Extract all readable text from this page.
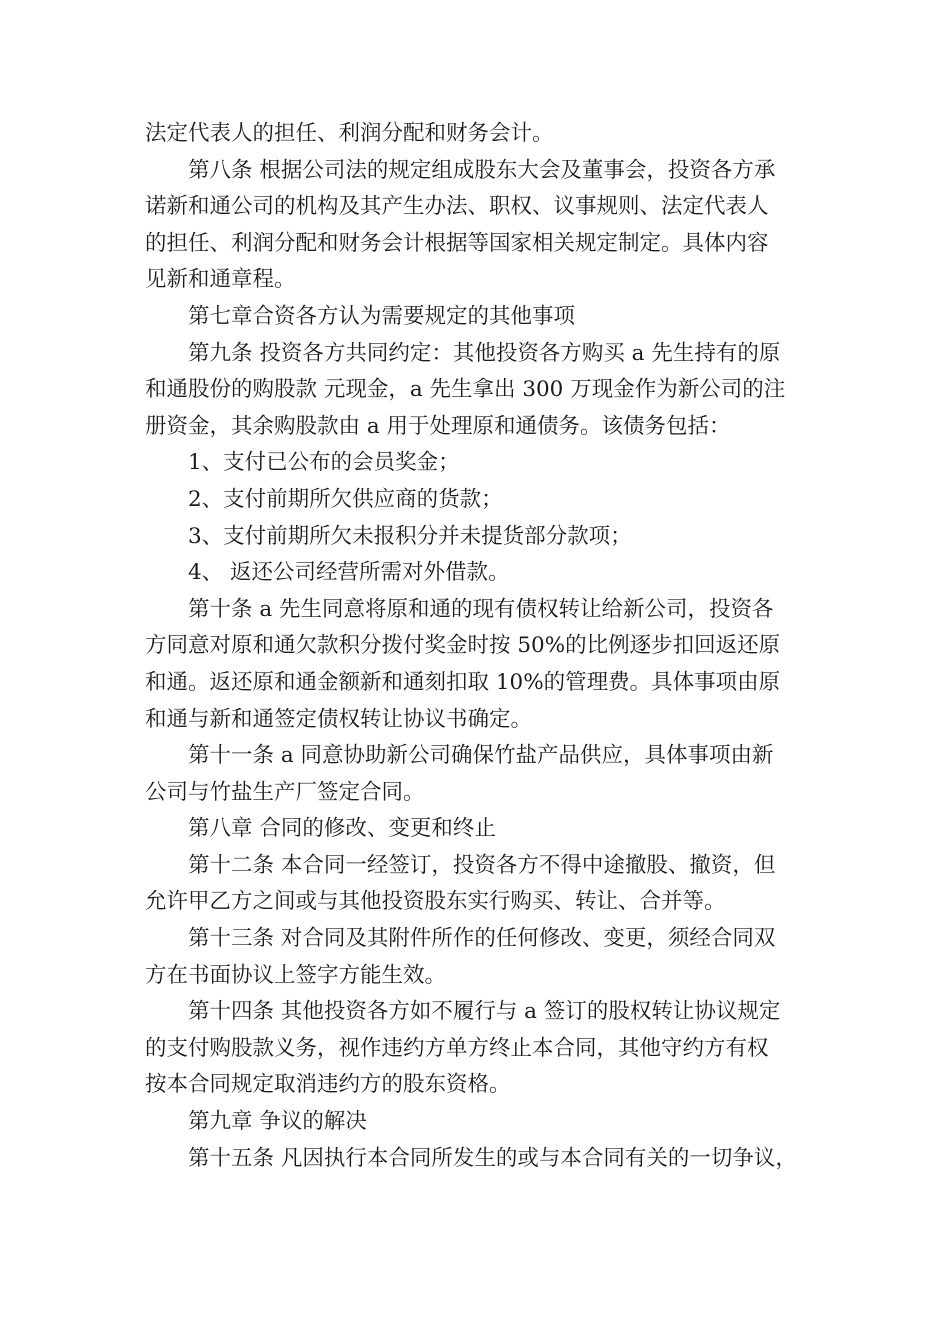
法定代表人的担任、利润分配和财务会计。
第八条 根据公司法的规定组成股东大会及董事会，投资各方承
诺新和通公司的机构及其产生办法、职权、议事规则、法定代表人
的担任、利润分配和财务会计根据等国家相关规定制定。具体内容
见新和通章程。
第七章合资各方认为需要规定的其他事项
第九条 投资各方共同约定：其他投资各方购买 a 先生持有的原
和通股份的购股款 元现金，a 先生拿出 300 万现金作为新公司的注
册资金，其余购股款由 a 用于处理原和通债务。该债务包括：
1、支付已公布的会员奖金；
2、支付前期所欠供应商的货款；
3、支付前期所欠未报积分并未提货部分款项；
4、 返还公司经营所需对外借款。
第十条 a 先生同意将原和通的现有债权转让给新公司，投资各
方同意对原和通欠款积分拨付奖金时按 50%的比例逐步扣回返还原
和通。返还原和通金额新和通刻扣取 10%的管理费。具体事项由原
和通与新和通签定债权转让协议书确定。
第十一条 a 同意协助新公司确保竹盐产品供应，具体事项由新
公司与竹盐生产厂签定合同。
第八章 合同的修改、变更和终止
第十二条 本合同一经签订，投资各方不得中途撤股、撤资，但
允许甲乙方之间或与其他投资股东实行购买、转让、合并等。
第十三条 对合同及其附件所作的任何修改、变更，须经合同双
方在书面协议上签字方能生效。
第十四条 其他投资各方如不履行与 a 签订的股权转让协议规定
的支付购股款义务，视作违约方单方终止本合同，其他守约方有权
按本合同规定取消违约方的股东资格。
第九章 争议的解决
第十五条 凡因执行本合同所发生的或与本合同有关的一切争议，
